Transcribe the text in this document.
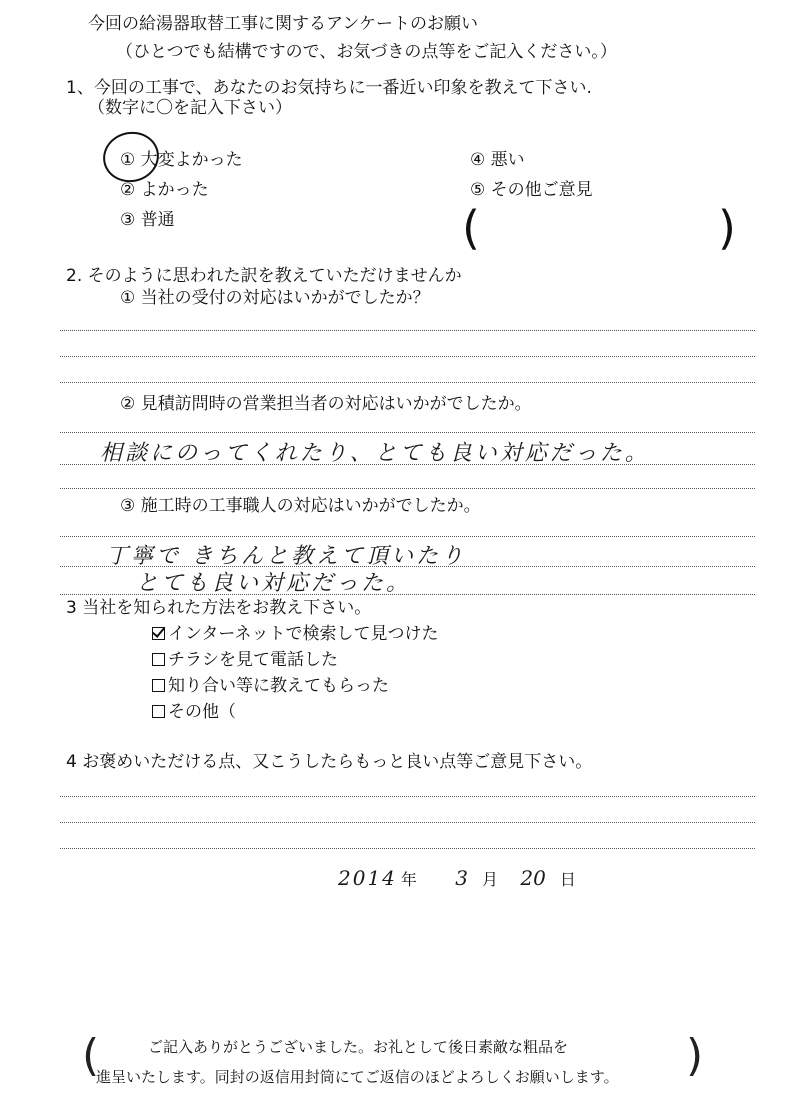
今回の給湯器取替工事に関するアンケートのお願い
（ひとつでも結構ですので、お気づきの点等をご記入ください。）
1、今回の工事で、あなたのお気持ちに一番近い印象を教えて下さい.
（数字に〇を記入下さい）
① 大変よかった
② よかった
③ 普通
④ 悪い
⑤ その他ご意見
(	)
2. そのように思われた訳を教えていただけませんか
① 当社の受付の対応はいかがでしたか？
② 見積訪問時の営業担当者の対応はいかがでしたか。
相談にのってくれたり、とても良い対応だった。
③ 施工時の工事職人の対応はいかがでしたか。
丁寧で きちんと教えて頂いたり
とても良い対応だった。
3 当社を知られた方法をお教え下さい。
インターネットで検索して見つけた
チラシを見て電話した
知り合い等に教えてもらった
その他（
4 お褒めいただける点、又こうしたらもっと良い点等ご意見下さい。
2014 年 3 月 20 日
(	ご記入ありがとうございました。お礼として後日素敵な粗品を
進呈いたします。同封の返信用封筒にてご返信のほどよろしくお願いします。 )
